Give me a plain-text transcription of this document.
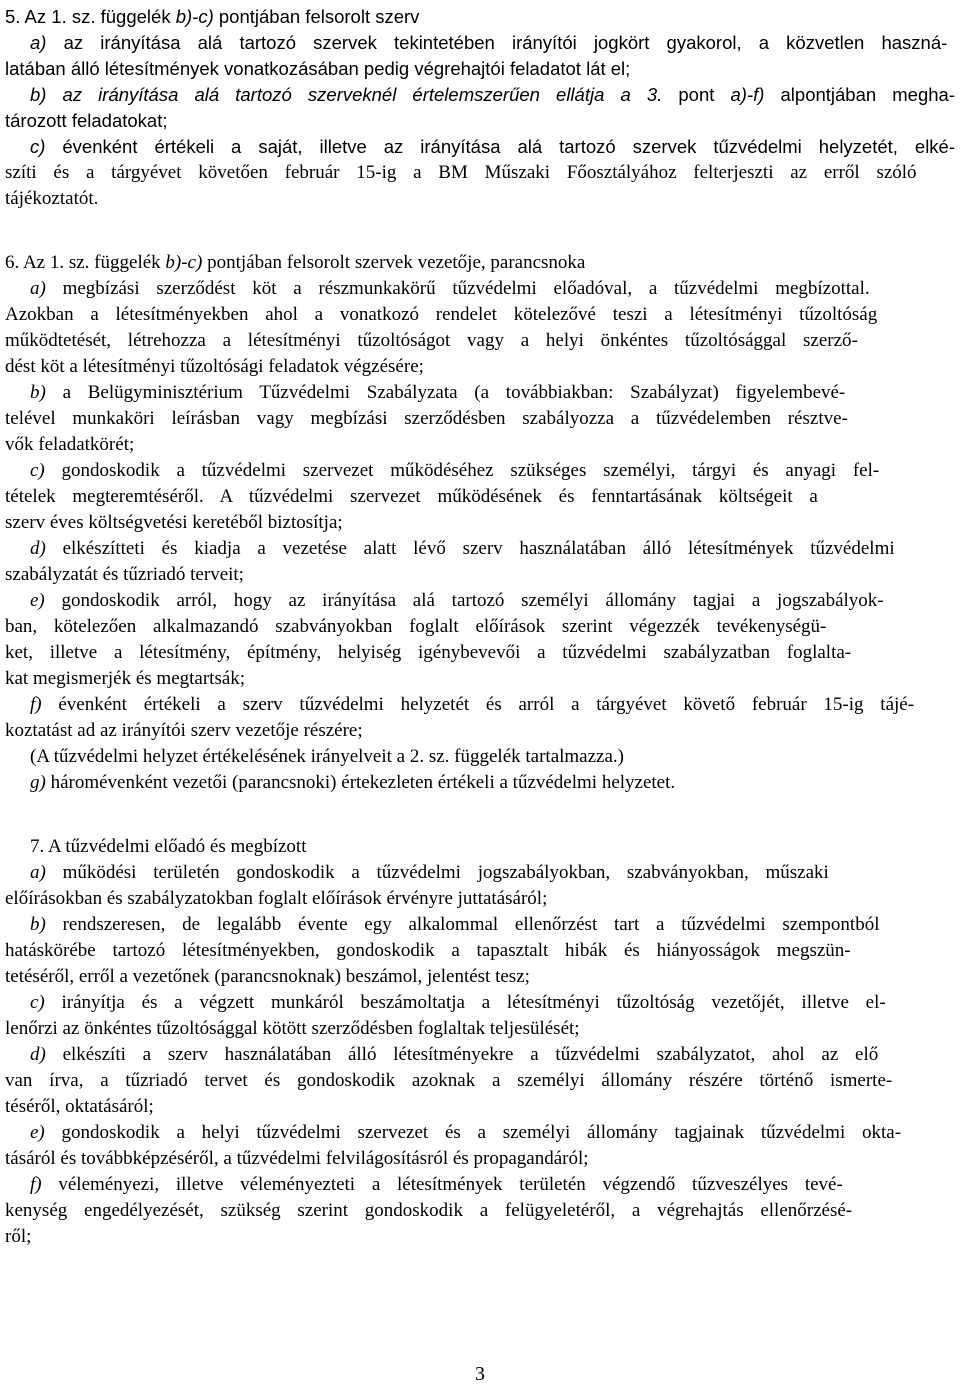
5. Az 1. sz. függelék b)-c) pontjában felsorolt szerv
a) az irányítása alá tartozó szervek tekintetében irányítói jogkört gyakorol, a közvetlen haszná-
latában álló létesítmények vonatkozásában pedig végrehajtói feladatot lát el;
b) az irányítása alá tartozó szerveknél értelemszerűen ellátja a 3. pont a)-f) alpontjában megha-
tározott feladatokat;
c) évenként értékeli a saját, illetve az irányítása alá tartozó szervek tűzvédelmi helyzetét, elké-
szíti és a tárgyévet követően február 15-ig a BM Műszaki Főosztályához felterjeszti az erről szóló
tájékoztatót.
6. Az 1. sz. függelék b)-c) pontjában felsorolt szervek vezetője, parancsnoka
a) megbízási szerződést köt a részmunkakörű tűzvédelmi előadóval, a tűzvédelmi megbízottal.
Azokban a létesítményekben ahol a vonatkozó rendelet kötelezővé teszi a létesítményi tűzoltóság
működtetését, létrehozza a létesítményi tűzoltóságot vagy a helyi önkéntes tűzoltósággal szerző-
dést köt a létesítményi tűzoltósági feladatok végzésére;
b) a Belügyminisztérium Tűzvédelmi Szabályzata (a továbbiakban: Szabályzat) figyelembevé-
telével munkaköri leírásban vagy megbízási szerződésben szabályozza a tűzvédelemben résztve-
vők feladatkörét;
c) gondoskodik a tűzvédelmi szervezet működéséhez szükséges személyi, tárgyi és anyagi fel-
tételek megteremtéséről. A tűzvédelmi szervezet működésének és fenntartásának költségeit a
szerv éves költségvetési keretéből biztosítja;
d) elkészítteti és kiadja a vezetése alatt lévő szerv használatában álló létesítmények tűzvédelmi
szabályzatát és tűzriadó terveit;
e) gondoskodik arról, hogy az irányítása alá tartozó személyi állomány tagjai a jogszabályok-
ban, kötelezően alkalmazandó szabványokban foglalt előírások szerint végezzék tevékenységü-
ket, illetve a létesítmény, építmény, helyiség igénybevevői a tűzvédelmi szabályzatban foglalta-
kat megismerjék és megtartsák;
f) évenként értékeli a szerv tűzvédelmi helyzetét és arról a tárgyévet követő február 15-ig tájé-
koztatást ad az irányítói szerv vezetője részére;
(A tűzvédelmi helyzet értékelésének irányelveit a 2. sz. függelék tartalmazza.)
g) háromévenként vezetői (parancsnoki) értekezleten értékeli a tűzvédelmi helyzetet.
7. A tűzvédelmi előadó és megbízott
a) működési területén gondoskodik a tűzvédelmi jogszabályokban, szabványokban, műszaki
előírásokban és szabályzatokban foglalt előírások érvényre juttatásáról;
b) rendszeresen, de legalább évente egy alkalommal ellenőrzést tart a tűzvédelmi szempontból
hatáskörébe tartozó létesítményekben, gondoskodik a tapasztalt hibák és hiányosságok megszün-
tetéséről, erről a vezetőnek (parancsnoknak) beszámol, jelentést tesz;
c) irányítja és a végzett munkáról beszámoltatja a létesítményi tűzoltóság vezetőjét, illetve el-
lenőrzi az önkéntes tűzoltósággal kötött szerződésben foglaltak teljesülését;
d) elkészíti a szerv használatában álló létesítményekre a tűzvédelmi szabályzatot, ahol az elő
van írva, a tűzriadó tervet és gondoskodik azoknak a személyi állomány részére történő ismerte-
téséről, oktatásáról;
e) gondoskodik a helyi tűzvédelmi szervezet és a személyi állomány tagjainak tűzvédelmi okta-
tásáról és továbbképzéséről, a tűzvédelmi felvilágosításról és propagandáról;
f) véleményezi, illetve véleményezteti a létesítmények területén végzendő tűzveszélyes tevé-
kenység engedélyezését, szükség szerint gondoskodik a felügyeletéről, a végrehajtás ellenőrzésé-
ről;
3
